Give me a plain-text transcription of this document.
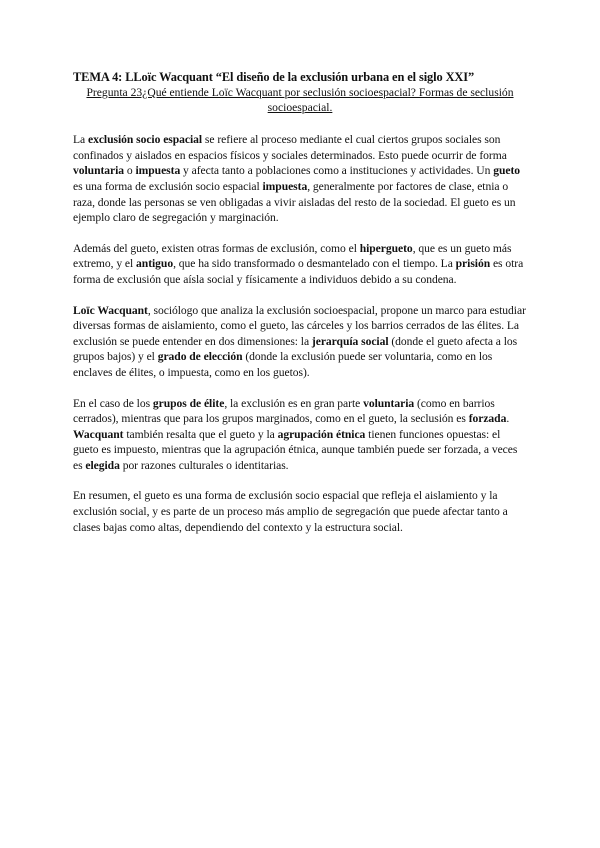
TEMA 4: LLoïc Wacquant “El diseño de la exclusión urbana en el siglo XXI”

Pregunta 23¿Qué entiende Loïc Wacquant por seclusión socioespacial? Formas de seclusión socioespacial.

La exclusión socio espacial se refiere al proceso mediante el cual ciertos grupos sociales son confinados y aislados en espacios físicos y sociales determinados. Esto puede ocurrir de forma voluntaria o impuesta y afecta tanto a poblaciones como a instituciones y actividades. Un gueto es una forma de exclusión socio espacial impuesta, generalmente por factores de clase, etnia o raza, donde las personas se ven obligadas a vivir aisladas del resto de la sociedad. El gueto es un ejemplo claro de segregación y marginación.

Además del gueto, existen otras formas de exclusión, como el hipergueto, que es un gueto más extremo, y el antiguo, que ha sido transformado o desmantelado con el tiempo. La prisión es otra forma de exclusión que aísla social y físicamente a individuos debido a su condena.

Loïc Wacquant, sociólogo que analiza la exclusión socioespacial, propone un marco para estudiar diversas formas de aislamiento, como el gueto, las cárceles y los barrios cerrados de las élites. La exclusión se puede entender en dos dimensiones: la jerarquía social (donde el gueto afecta a los grupos bajos) y el grado de elección (donde la exclusión puede ser voluntaria, como en los enclaves de élites, o impuesta, como en los guetos).

En el caso de los grupos de élite, la exclusión es en gran parte voluntaria (como en barrios cerrados), mientras que para los grupos marginados, como en el gueto, la seclusión es forzada. Wacquant también resalta que el gueto y la agrupación étnica tienen funciones opuestas: el gueto es impuesto, mientras que la agrupación étnica, aunque también puede ser forzada, a veces es elegida por razones culturales o identitarias.

En resumen, el gueto es una forma de exclusión socio espacial que refleja el aislamiento y la exclusión social, y es parte de un proceso más amplio de segregación que puede afectar tanto a clases bajas como altas, dependiendo del contexto y la estructura social.
